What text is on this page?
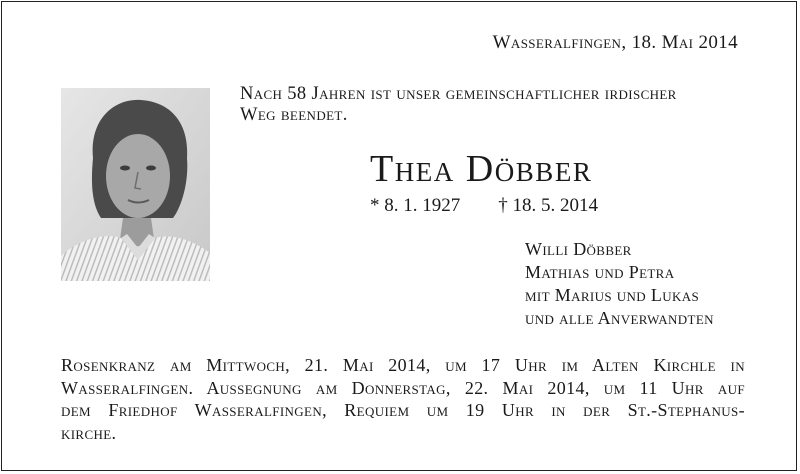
Wasseralfingen, 18. Mai 2014
Nach 58 Jahren ist unser gemeinschaftlicher irdischer
Weg beendet.
Thea Döbber
* 8. 1. 1927 † 18. 5. 2014
Willi Döbber
Mathias und Petra
mit Marius und Lukas
und alle Anverwandten
Rosenkranz am Mittwoch, 21. Mai 2014, um 17 Uhr im Alten Kirchle in
Wasseralfingen. Aussegnung am Donnerstag, 22. Mai 2014, um 11 Uhr auf
dem Friedhof Wasseralfingen, Requiem um 19 Uhr in der St.-Stephanus-
kirche.
